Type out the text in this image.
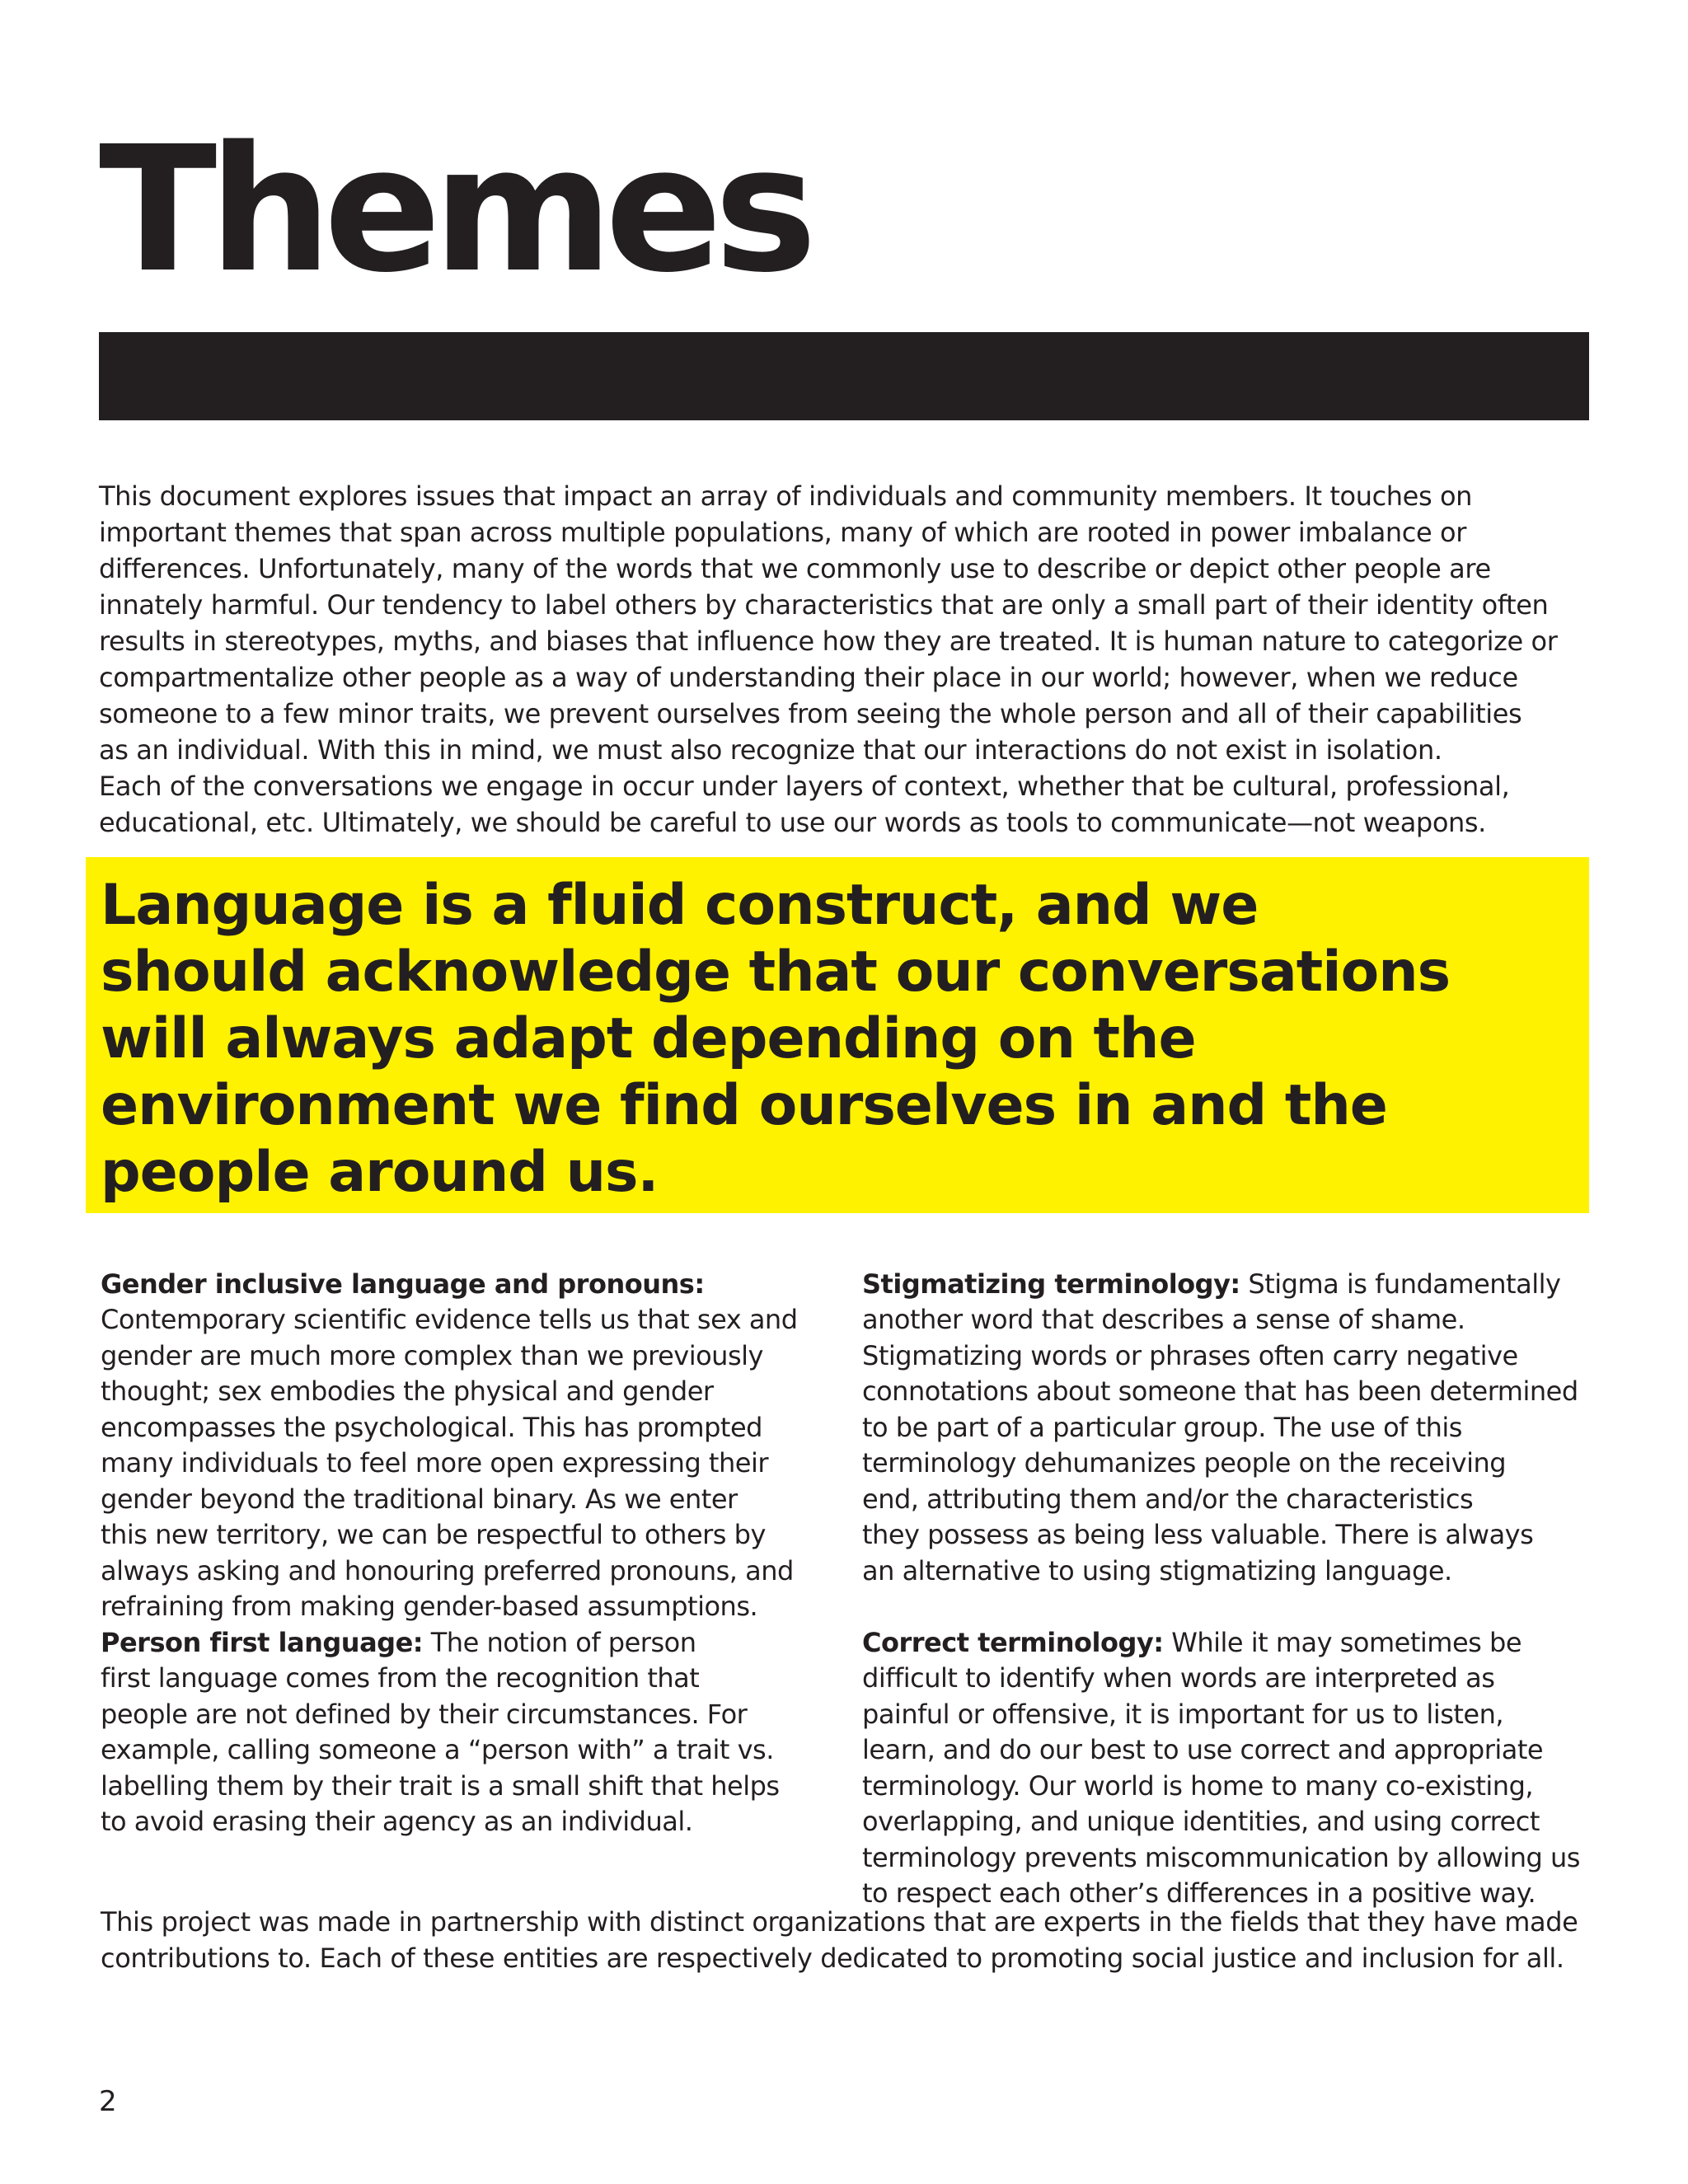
Themes

This document explores issues that impact an array of individuals and community members. It touches on
important themes that span across multiple populations, many of which are rooted in power imbalance or
differences. Unfortunately, many of the words that we commonly use to describe or depict other people are
innately harmful. Our tendency to label others by characteristics that are only a small part of their identity often
results in stereotypes, myths, and biases that influence how they are treated. It is human nature to categorize or
compartmentalize other people as a way of understanding their place in our world; however, when we reduce
someone to a few minor traits, we prevent ourselves from seeing the whole person and all of their capabilities
as an individual. With this in mind, we must also recognize that our interactions do not exist in isolation.
Each of the conversations we engage in occur under layers of context, whether that be cultural, professional,
educational, etc. Ultimately, we should be careful to use our words as tools to communicate—not weapons.

Language is a fluid construct, and we
should acknowledge that our conversations
will always adapt depending on the
environment we find ourselves in and the
people around us.

Gender inclusive language and pronouns:
Contemporary scientific evidence tells us that sex and
gender are much more complex than we previously
thought; sex embodies the physical and gender
encompasses the psychological. This has prompted
many individuals to feel more open expressing their
gender beyond the traditional binary. As we enter
this new territory, we can be respectful to others by
always asking and honouring preferred pronouns, and
refraining from making gender-based assumptions.

Person first language: The notion of person
first language comes from the recognition that
people are not defined by their circumstances. For
example, calling someone a “person with” a trait vs.
labelling them by their trait is a small shift that helps
to avoid erasing their agency as an individual.

Stigmatizing terminology: Stigma is fundamentally
another word that describes a sense of shame.
Stigmatizing words or phrases often carry negative
connotations about someone that has been determined
to be part of a particular group. The use of this
terminology dehumanizes people on the receiving
end, attributing them and/or the characteristics
they possess as being less valuable. There is always
an alternative to using stigmatizing language.

Correct terminology: While it may sometimes be
difficult to identify when words are interpreted as
painful or offensive, it is important for us to listen,
learn, and do our best to use correct and appropriate
terminology. Our world is home to many co-existing,
overlapping, and unique identities, and using correct
terminology prevents miscommunication by allowing us
to respect each other’s differences in a positive way.

This project was made in partnership with distinct organizations that are experts in the fields that they have made
contributions to. Each of these entities are respectively dedicated to promoting social justice and inclusion for all.

2
